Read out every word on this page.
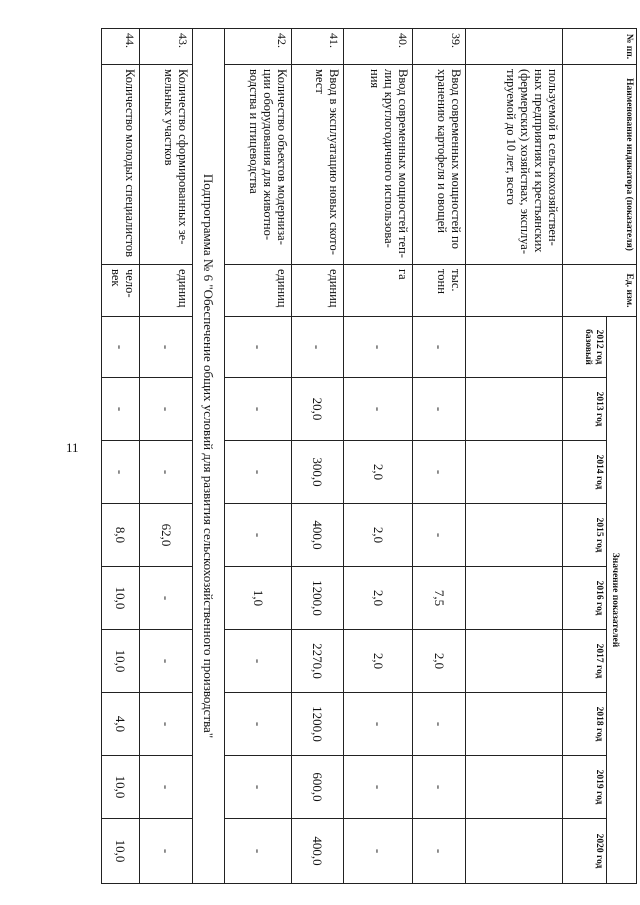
11
№ пп.	Наименование индикатора (показателя)	Ед. изм.	Значение показателей								
			2012 год базовый	2013 год	2014 год	2015 год	2016 год	2017 год	2018 год	2019 год	2020 год
	пользуемой в сельскохозяйствен-ных предприятиях и крестьянских (фермерских) хозяйствах, эксплуа-тируемой до 10 лет, всего										
39.	Ввод современных мощностей по хранению картофеля и овощей	тыс. тонн	-	-	-	-	7,5	2,0	-	-	-
40.	Ввод современных мощностей теп-лиц круглогодичного использова-ния	га	-	-	2,0	2,0	2,0	2,0	-	-	-
41.	Ввод в эксплуатацию новых ското-мест	единиц	-	20,0	300,0	400,0	1200,0	2270,0	1200,0	600,0	400,0
42.	Количество объектов модерниза-ции оборудования для животно-водства и птицеводства	единиц	-	-	-	-	1,0	-	-	-	-
Подпрограмма № 6 "Обеспечение общих условий для развития сельскохозяйственного производства"											
43.	Количество сформированных зе-мельных участков	единиц	-	-	-	62,0	-	-	-	-	-
44.	Количество молодых специалистов	чело-век	-	-	-	8,0	10,0	10,0	4,0	10,0	10,0
